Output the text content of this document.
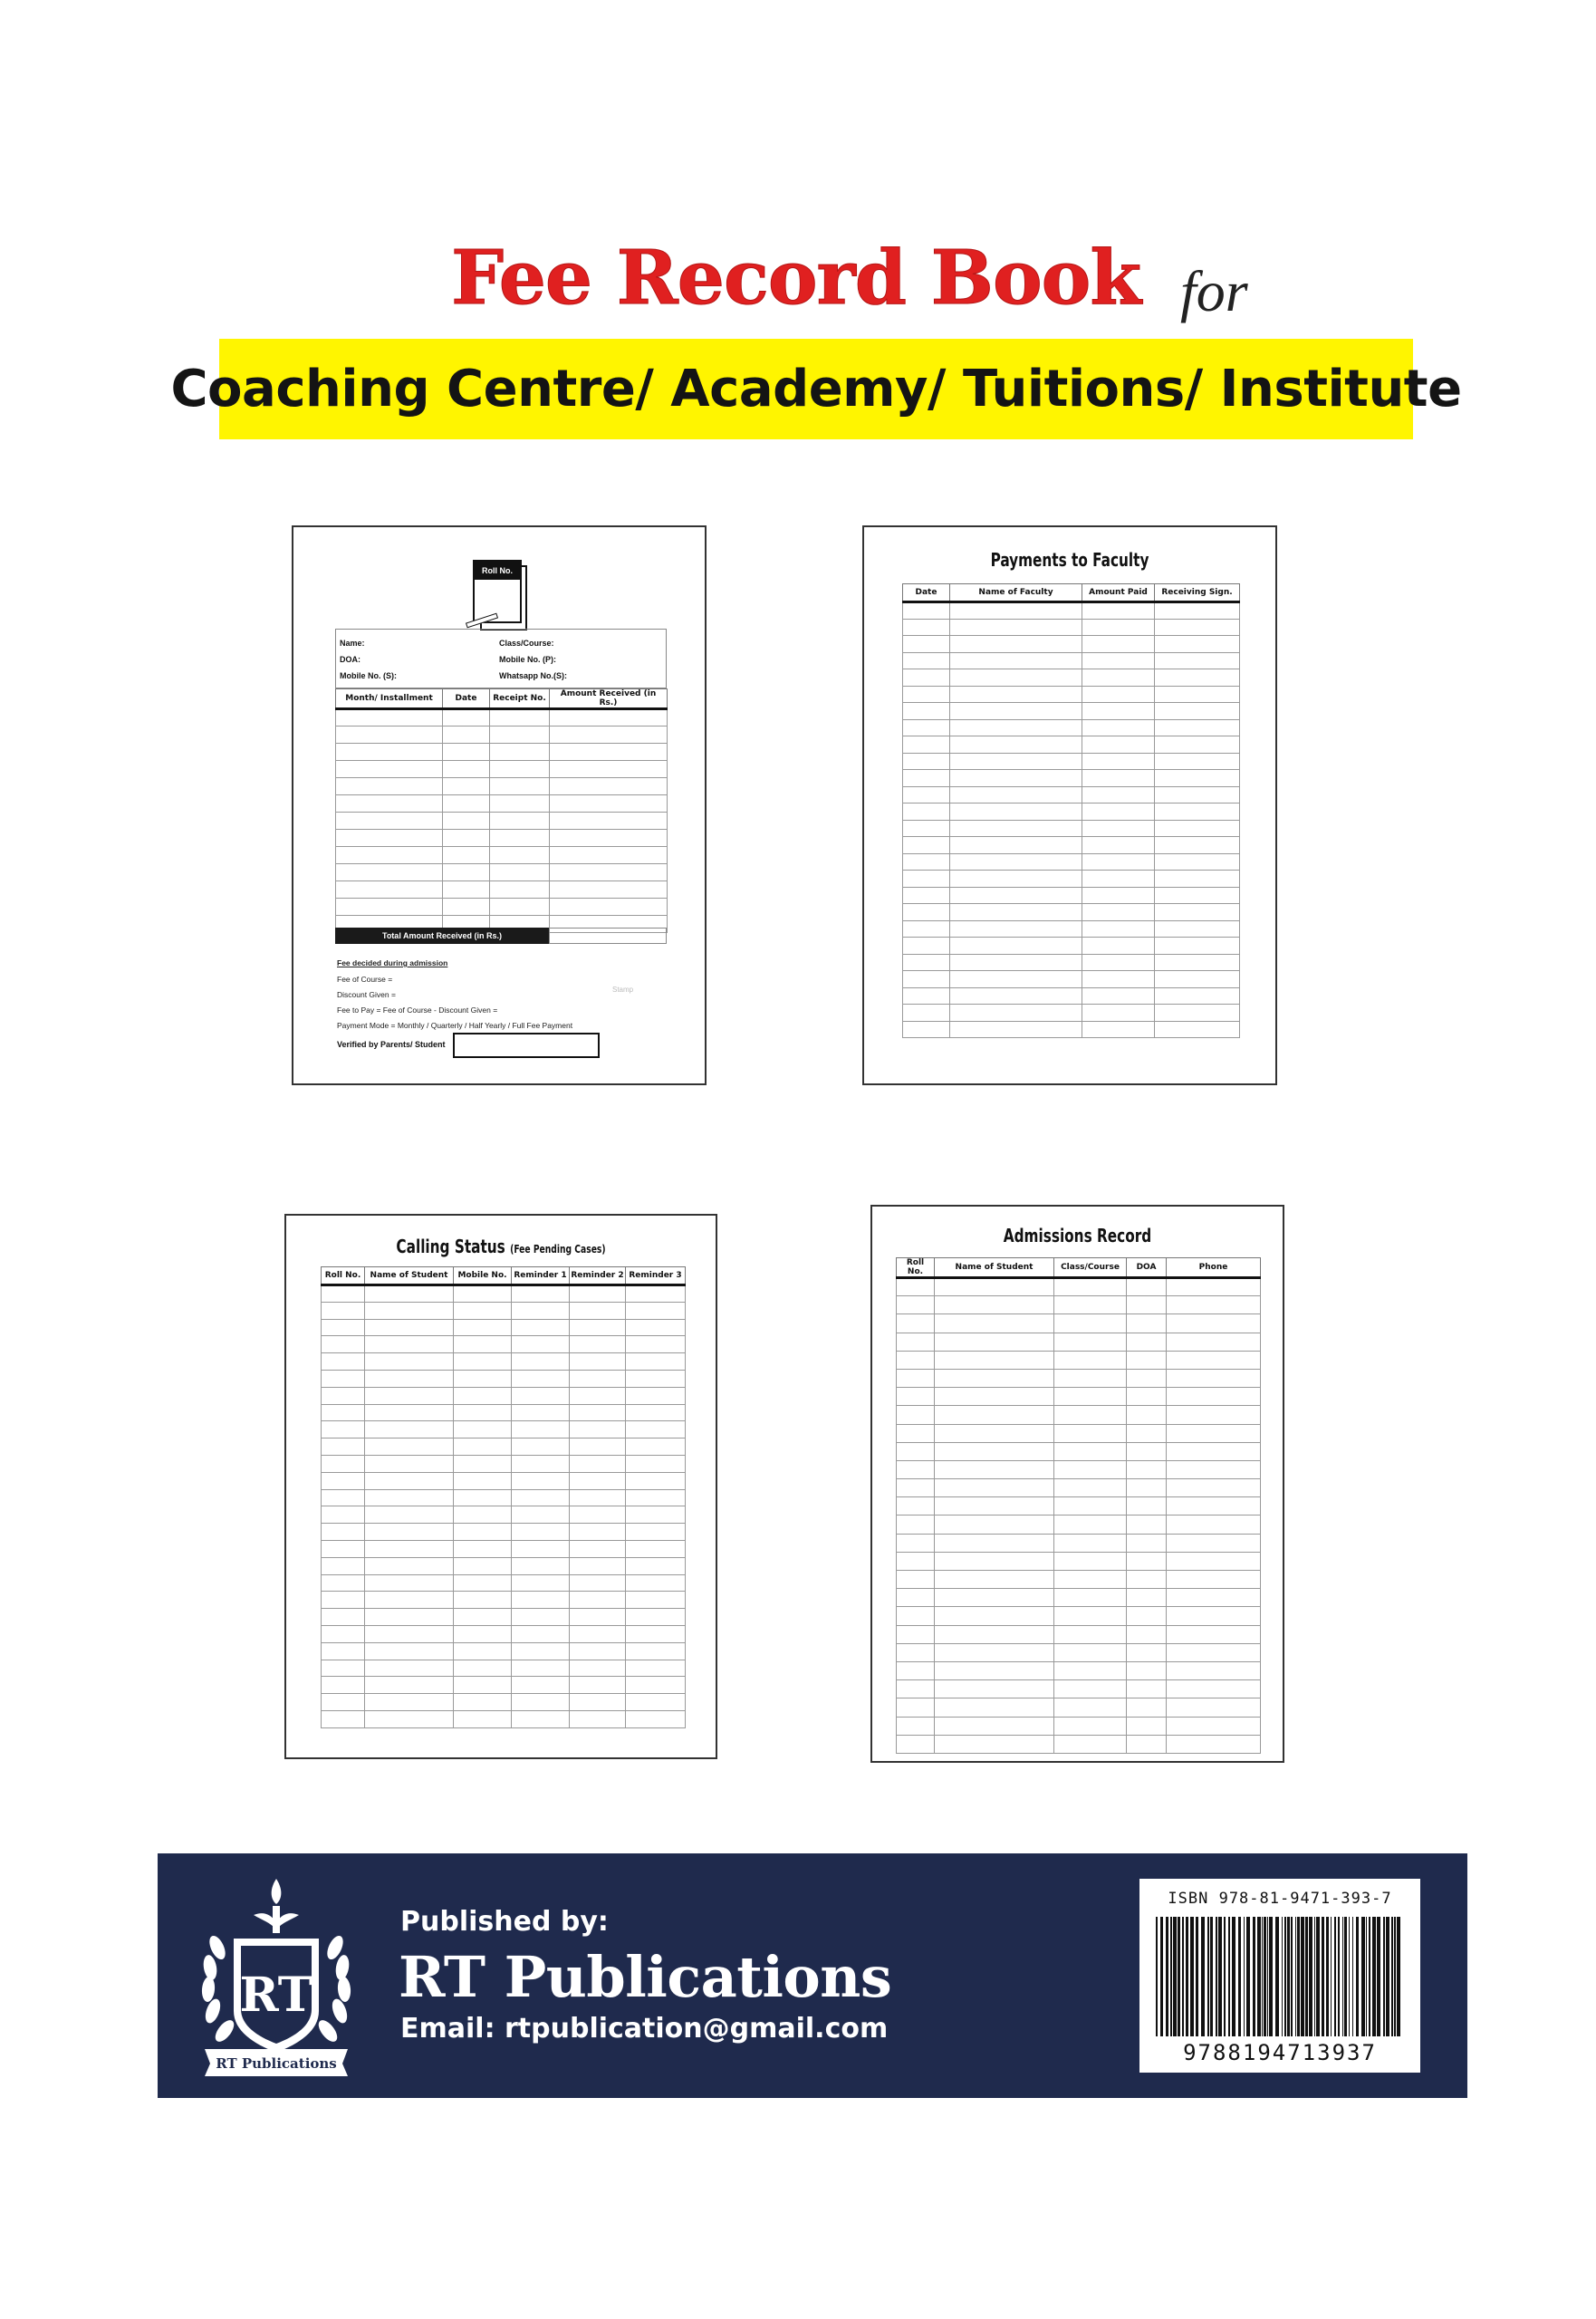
Fee Record Book for
Coaching Centre/ Academy/ Tuitions/ Institute
Roll No.
Name:
DOA:
Mobile No. (S):
Class/Course:
Mobile No. (P):
Whatsapp No.(S):
Month/ Installment	Date	Receipt No.	Amount Received (in Rs.)

Total Amount Received (in Rs.)
Fee decided during admission
Fee of Course =
Discount Given =
Fee to Pay = Fee of Course - Discount Given =
Payment Mode = Monthly / Quarterly / Half Yearly / Full Fee Payment
Stamp
Verified by Parents/ Student
Payments to Faculty
Date	Name of Faculty	Amount Paid	Receiving Sign.

Calling Status (Fee Pending Cases)
Roll No.	Name of Student	Mobile No.	Reminder 1	Reminder 2	Reminder 3

Admissions Record
Roll No.	Name of Student	Class/Course	DOA	Phone

RT
RT Publications
Published by:
RT Publications
Email: rtpublication@gmail.com
ISBN 978-81-9471-393-7
9788194713937
